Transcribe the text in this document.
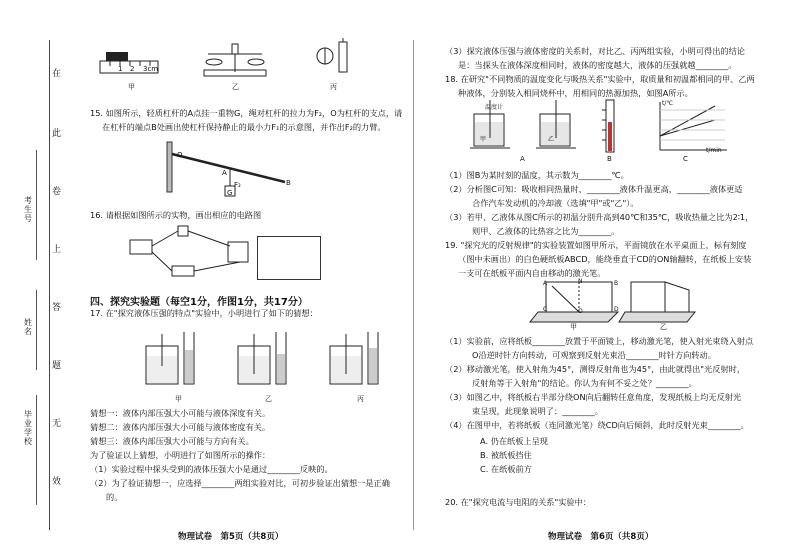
在
此
卷
上
答
题
无
效
考生号
姓名
毕业学校
1 2 3cm
甲	乙	丙
15. 如图所示，轻质杠杆的A点挂一重物G，绳对杠杆的拉力为F₂，O为杠杆的支点，请
在杠杆的端点B处画出使杠杆保持静止的最小力F₁的示意图，并作出F₂的力臂。
O
A
F₂
G
B
16. 请根据如图所示的实物，画出相应的电路图
四、探究实验题（每空1分，作图1分，共17分）
17. 在"探究液体压强的特点"实验中，小明进行了如下的猜想：
甲	乙	丙
猜想一：液体内部压强大小可能与液体深度有关。
猜想二：液体内部压强大小可能与液体密度有关。
猜想三：液体内部压强大小可能与方向有关。
为了验证以上猜想，小明进行了如图所示的操作：
（1）实验过程中探头受到的液体压强大小是通过________反映的。
（2）为了验证猜想一，应选择________两组实验对比，可初步验证出猜想一是正确
的。
物理试卷　第5页（共8页）
（3）探究液体压强与液体密度的关系时，对比乙、丙两组实验，小明可得出的结论
是：当探头在液体深度相同时，液体的密度越大，液体的压强就越________。
18. 在研究"不同物质的温度变化与吸热关系"实验中，取质量和初温都相同的甲、乙两
种液体，分别装入相同烧杯中，用相同的热源加热，如图A所示。
温度计
甲	乙
A	B
t/℃
t/min
C
（1）图B为某时刻的温度，其示数为________℃。
（2）分析图C可知：吸收相同热量时，________液体升温更高，________液体更适
合作汽车发动机的冷却液（选填"甲"或"乙"）。
（3）若甲、乙液体从图C所示的初温分别升高到40℃和35℃，吸收热量之比为2∶1，
则甲、乙液体的比热容之比为________。
19. "探究光的反射规律"的实验装置如图甲所示，平面镜放在水平桌面上，标有刻度
（图中未画出）的白色硬纸板ABCD，能绕垂直于CD的ON轴翻转，在纸板上安装
一支可在纸板平面内自由移动的激光笔。
A	N	B
C	O	D
甲	乙
（1）实验前，应将纸板________放置于平面镜上，移动激光笔，使入射光束绕入射点
O沿逆时针方向转动，可观察到反射光束沿________时针方向转动。
（2）移动激光笔，使入射角为45°，测得反射角也为45°，由此就得出"光反射时，
反射角等于入射角"的结论。你认为有何不妥之处？________。
（3）如图乙中，将纸板右半部分绕ON向后翻转任意角度，发现纸板上均无反射光
束呈现，此现象说明了：________。
（4）在图甲中，若将纸板（连同激光笔）绕CD向后倾斜，此时反射光束________。
A. 仍在纸板上呈现
B. 被纸板挡住
C. 在纸板前方
20. 在"探究电流与电阻的关系"实验中：
物理试卷　第6页（共8页）
